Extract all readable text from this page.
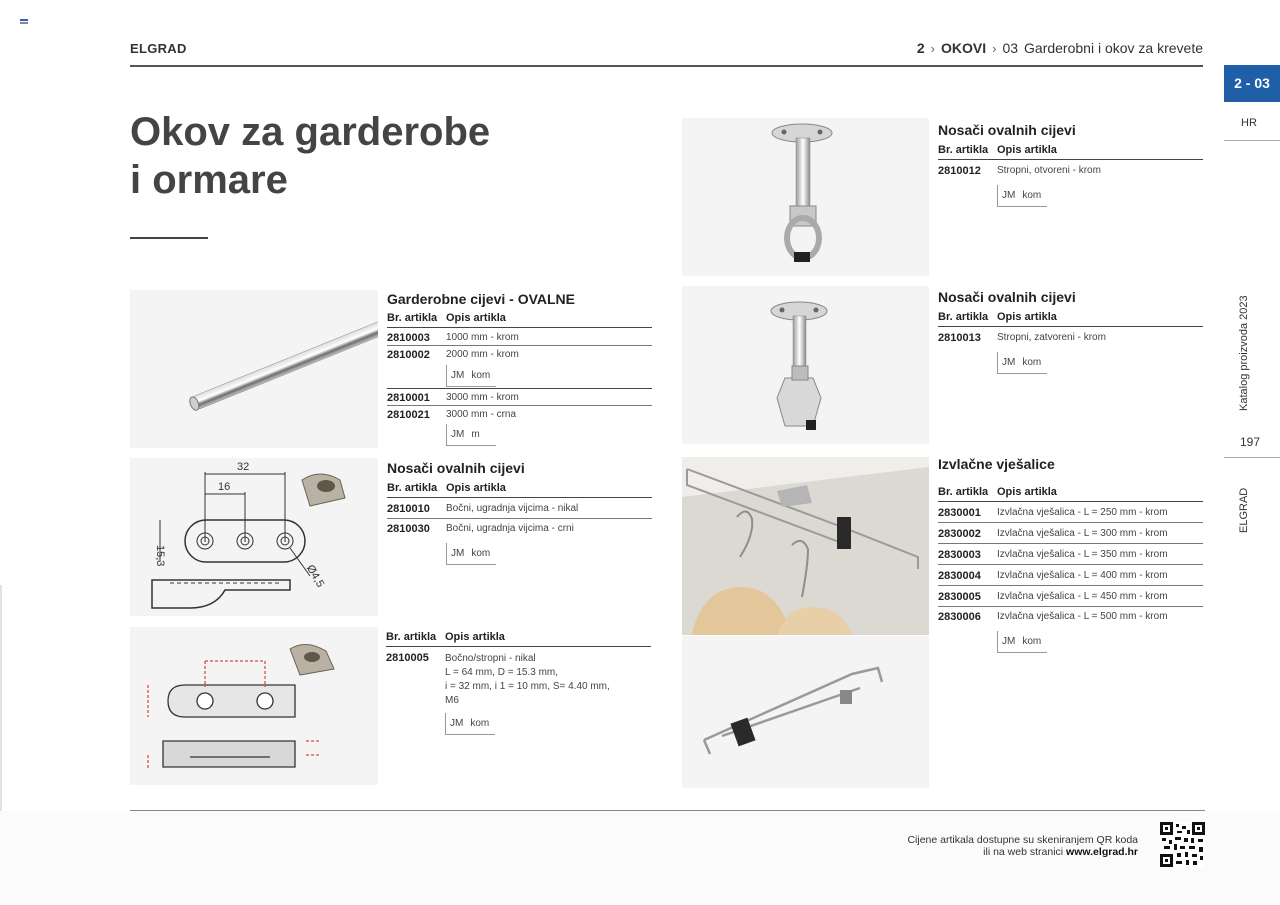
ELGRAD	2 › OKOVI › 03 Garderobni i okov za krevete
2 - 03
HR
Katalog proizvoda 2023
197
ELGRAD
Okov za garderobe
i ormare
32
16
15,3
Ø4,5
Garderobne cijevi - OVALNE
Br. artikla Opis artikla
2810003 1000 mm - krom
2810002 2000 mm - krom
JM kom
2810001 3000 mm - krom
2810021 3000 mm - crna
JM m
Nosači ovalnih cijevi
Br. artikla Opis artikla
2810010 Bočni, ugradnja vijcima - nikal
2810030 Bočni, ugradnja vijcima - crni
JM kom
Br. artikla Opis artikla
2810005 Bočno/stropni - nikal
L = 64 mm, D = 15.3 mm,
i = 32 mm, i 1 = 10 mm, S= 4.40 mm,
M6
JM kom
Nosači ovalnih cijevi
Br. artikla Opis artikla
2810012 Stropni, otvoreni - krom
JM kom
Nosači ovalnih cijevi
Br. artikla Opis artikla
2810013 Stropni, zatvoreni - krom
JM kom
Izvlačne vješalice
Br. artikla Opis artikla
2830001 Izvlačna vješalica - L = 250 mm - krom
2830002 Izvlačna vješalica - L = 300 mm - krom
2830003 Izvlačna vješalica - L = 350 mm - krom
2830004 Izvlačna vješalica - L = 400 mm - krom
2830005 Izvlačna vješalica - L = 450 mm - krom
2830006 Izvlačna vješalica - L = 500 mm - krom
JM kom
Cijene artikala dostupne su skeniranjem QR koda
ili na web stranici www.elgrad.hr
